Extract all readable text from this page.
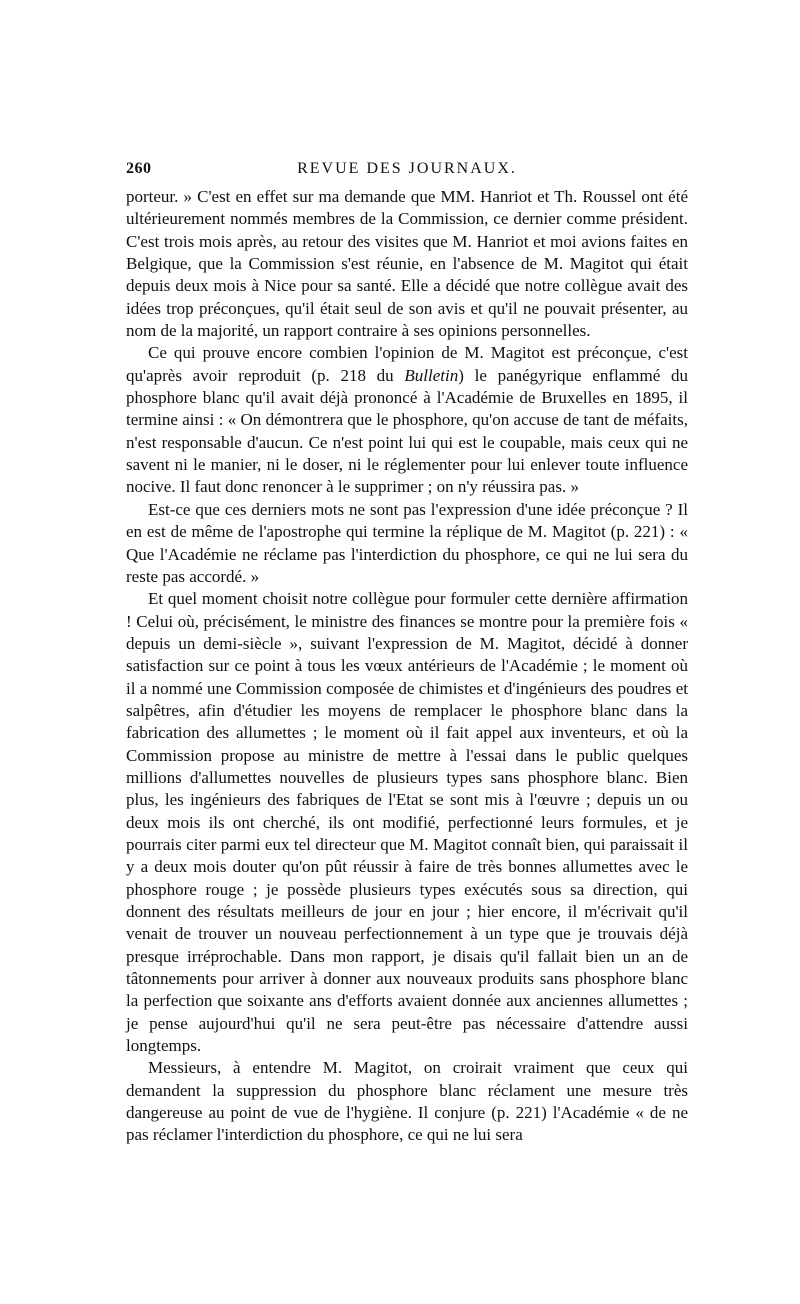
260	REVUE DES JOURNAUX.

porteur. » C'est en effet sur ma demande que MM. Hanriot et Th. Roussel ont été ultérieurement nommés membres de la Commission, ce dernier comme président. C'est trois mois après, au retour des visites que M. Hanriot et moi avions faites en Belgique, que la Commission s'est réunie, en l'absence de M. Magitot qui était depuis deux mois à Nice pour sa santé. Elle a décidé que notre collègue avait des idées trop préconçues, qu'il était seul de son avis et qu'il ne pouvait présenter, au nom de la majorité, un rapport contraire à ses opinions personnelles.

Ce qui prouve encore combien l'opinion de M. Magitot est préconçue, c'est qu'après avoir reproduit (p. 218 du Bulletin) le panégyrique enflammé du phosphore blanc qu'il avait déjà prononcé à l'Académie de Bruxelles en 1895, il termine ainsi : « On démontrera que le phosphore, qu'on accuse de tant de méfaits, n'est responsable d'aucun. Ce n'est point lui qui est le coupable, mais ceux qui ne savent ni le manier, ni le doser, ni le réglementer pour lui enlever toute influence nocive. Il faut donc renoncer à le supprimer ; on n'y réussira pas. »

Est-ce que ces derniers mots ne sont pas l'expression d'une idée préconçue ? Il en est de même de l'apostrophe qui termine la réplique de M. Magitot (p. 221) : « Que l'Académie ne réclame pas l'interdiction du phosphore, ce qui ne lui sera du reste pas accordé. »

Et quel moment choisit notre collègue pour formuler cette dernière affirmation ! Celui où, précisément, le ministre des finances se montre pour la première fois « depuis un demi-siècle », suivant l'expression de M. Magitot, décidé à donner satisfaction sur ce point à tous les vœux antérieurs de l'Académie ; le moment où il a nommé une Commission composée de chimistes et d'ingénieurs des poudres et salpêtres, afin d'étudier les moyens de remplacer le phosphore blanc dans la fabrication des allumettes ; le moment où il fait appel aux inventeurs, et où la Commission propose au ministre de mettre à l'essai dans le public quelques millions d'allumettes nouvelles de plusieurs types sans phosphore blanc. Bien plus, les ingénieurs des fabriques de l'Etat se sont mis à l'œuvre ; depuis un ou deux mois ils ont cherché, ils ont modifié, perfectionné leurs formules, et je pourrais citer parmi eux tel directeur que M. Magitot connaît bien, qui paraissait il y a deux mois douter qu'on pût réussir à faire de très bonnes allumettes avec le phosphore rouge ; je possède plusieurs types exécutés sous sa direction, qui donnent des résultats meilleurs de jour en jour ; hier encore, il m'écrivait qu'il venait de trouver un nouveau perfectionnement à un type que je trouvais déjà presque irréprochable. Dans mon rapport, je disais qu'il fallait bien un an de tâtonnements pour arriver à donner aux nouveaux produits sans phosphore blanc la perfection que soixante ans d'efforts avaient donnée aux anciennes allumettes ; je pense aujourd'hui qu'il ne sera peut-être pas nécessaire d'attendre aussi longtemps.

Messieurs, à entendre M. Magitot, on croirait vraiment que ceux qui demandent la suppression du phosphore blanc réclament une mesure très dangereuse au point de vue de l'hygiène. Il conjure (p. 221) l'Académie « de ne pas réclamer l'interdiction du phosphore, ce qui ne lui sera
